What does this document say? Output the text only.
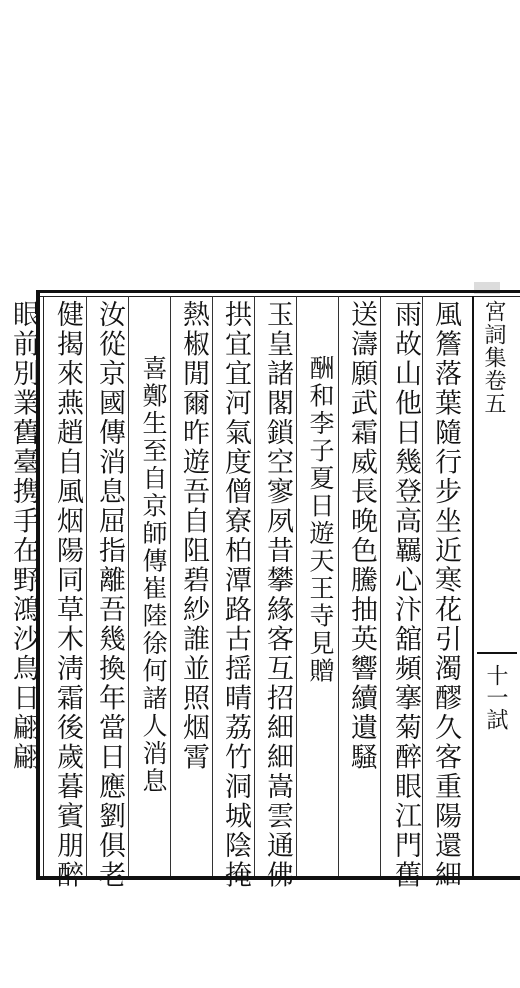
宮詞集卷五
十一試
風簷落葉隨行步坐近寒花引濁醪久客重陽還細
雨故山他日幾登高羈心汴舘頻搴菊醉眼江門舊
送濤願武霜威長晚色騰抽英響續遺騷
　　酬和李子夏日遊天王寺見贈
玉皇諸閣鎖空寥夙昔攀緣客互招細細嵩雲通佛
拱宜宜河氣度僧寮柏潭路古揺晴荔竹洞城陰掩
熱椒閒爾昨遊吾自阻碧紗誰並照烟霄
　　喜鄭生至自京師傳崔陸徐何諸人消息
汝從京國傳消息屈指離吾幾換年當日應劉俱老
健揭來燕趙自風烟陽同草木淸霜後歲暮賓朋醉
眼前別業舊臺携手在野鴻沙鳥日翩翩
